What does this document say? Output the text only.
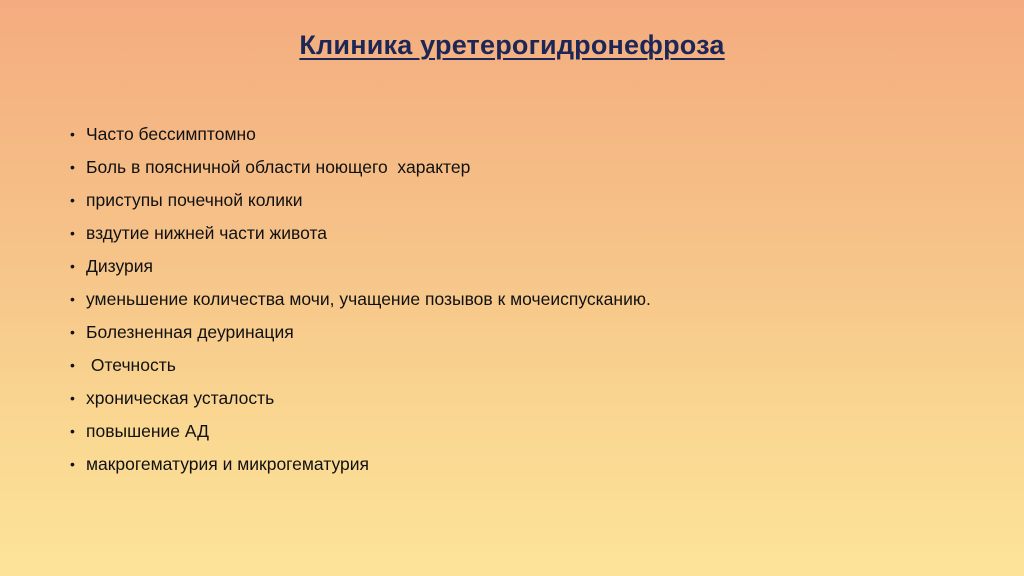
Клиника уретерогидронефроза
• Часто бессимптомно
• Боль в поясничной области ноющего  характер
• приступы почечной колики
• вздутие нижней части живота
• Дизурия
• уменьшение количества мочи, учащение позывов к мочеиспусканию.
• Болезненная деуринация
• Отечность
• хроническая усталость
• повышение АД
• макрогематурия и микрогематурия
